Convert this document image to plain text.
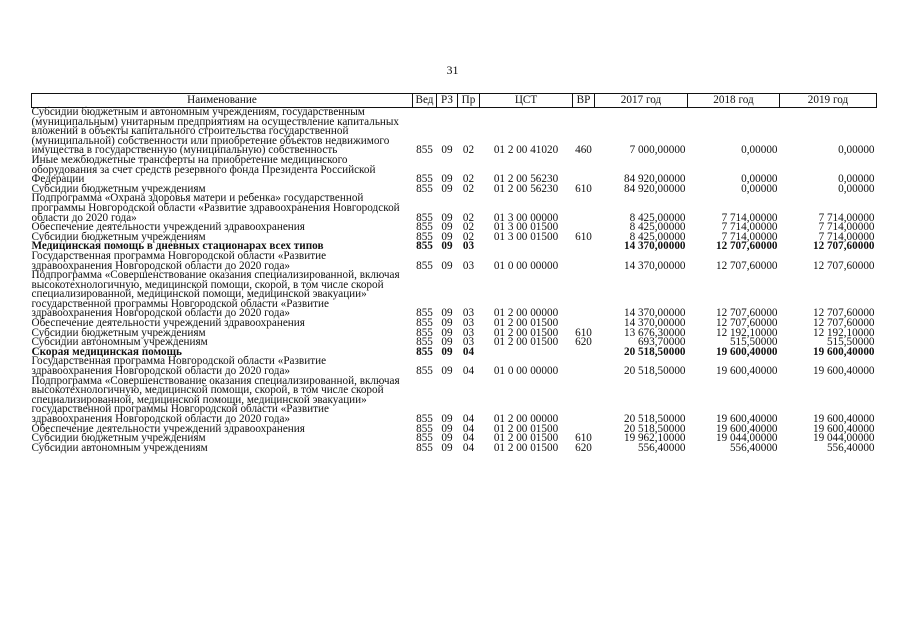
31
Наименование	Вед	РЗ	Пр	ЦСТ	ВР	2017 год	2018 год	2019 год
Субсидии бюджетным и автономным учреждениям, государственным (муниципальным) унитарным предприятиям на осуществление капитальных вложений в объекты капитального строительства государственной (муниципальной) собственности или приобретение объектов недвижимого имущества в государственную (муниципальную) собственность	855	09	02	01 2 00 41020	460	7 000,00000	0,00000	0,00000
Иные межбюджетные трансферты на приобретение медицинского оборудования за счет средств резервного фонда Президента Российской Федерации	855	09	02	01 2 00 56230		84 920,00000	0,00000	0,00000
Субсидии бюджетным учреждениям	855	09	02	01 2 00 56230	610	84 920,00000	0,00000	0,00000
Подпрограмма «Охрана здоровья матери и ребенка» государственной программы Новгородской области «Развитие здравоохранения Новгородской области до 2020 года»	855	09	02	01 3 00 00000		8 425,00000	7 714,00000	7 714,00000
Обеспечение деятельности учреждений здравоохранения	855	09	02	01 3 00 01500		8 425,00000	7 714,00000	7 714,00000
Субсидии бюджетным учреждениям	855	09	02	01 3 00 01500	610	8 425,00000	7 714,00000	7 714,00000
Медицинская помощь в дневных стационарах всех типов	855	09	03			14 370,00000	12 707,60000	12 707,60000
Государственная программа Новгородской области «Развитие здравоохранения Новгородской области до 2020 года»	855	09	03	01 0 00 00000		14 370,00000	12 707,60000	12 707,60000
Подпрограмма «Совершенствование оказания специализированной, включая высокотехнологичную, медицинской помощи, скорой, в том числе скорой специализированной, медицинской помощи, медицинской эвакуации» государственной программы Новгородской области «Развитие здравоохранения Новгородской области до 2020 года»	855	09	03	01 2 00 00000		14 370,00000	12 707,60000	12 707,60000
Обеспечение деятельности учреждений здравоохранения	855	09	03	01 2 00 01500		14 370,00000	12 707,60000	12 707,60000
Субсидии бюджетным учреждениям	855	09	03	01 2 00 01500	610	13 676,30000	12 192,10000	12 192,10000
Субсидии автономным учреждениям	855	09	03	01 2 00 01500	620	693,70000	515,50000	515,50000
Скорая медицинская помощь	855	09	04			20 518,50000	19 600,40000	19 600,40000
Государственная программа Новгородской области «Развитие здравоохранения Новгородской области до 2020 года»	855	09	04	01 0 00 00000		20 518,50000	19 600,40000	19 600,40000
Подпрограмма «Совершенствование оказания специализированной, включая высокотехнологичную, медицинской помощи, скорой, в том числе скорой специализированной, медицинской помощи, медицинской эвакуации» государственной программы Новгородской области «Развитие здравоохранения Новгородской области до 2020 года»	855	09	04	01 2 00 00000		20 518,50000	19 600,40000	19 600,40000
Обеспечение деятельности учреждений здравоохранения	855	09	04	01 2 00 01500		20 518,50000	19 600,40000	19 600,40000
Субсидии бюджетным учреждениям	855	09	04	01 2 00 01500	610	19 962,10000	19 044,00000	19 044,00000
Субсидии автономным учреждениям	855	09	04	01 2 00 01500	620	556,40000	556,40000	556,40000
